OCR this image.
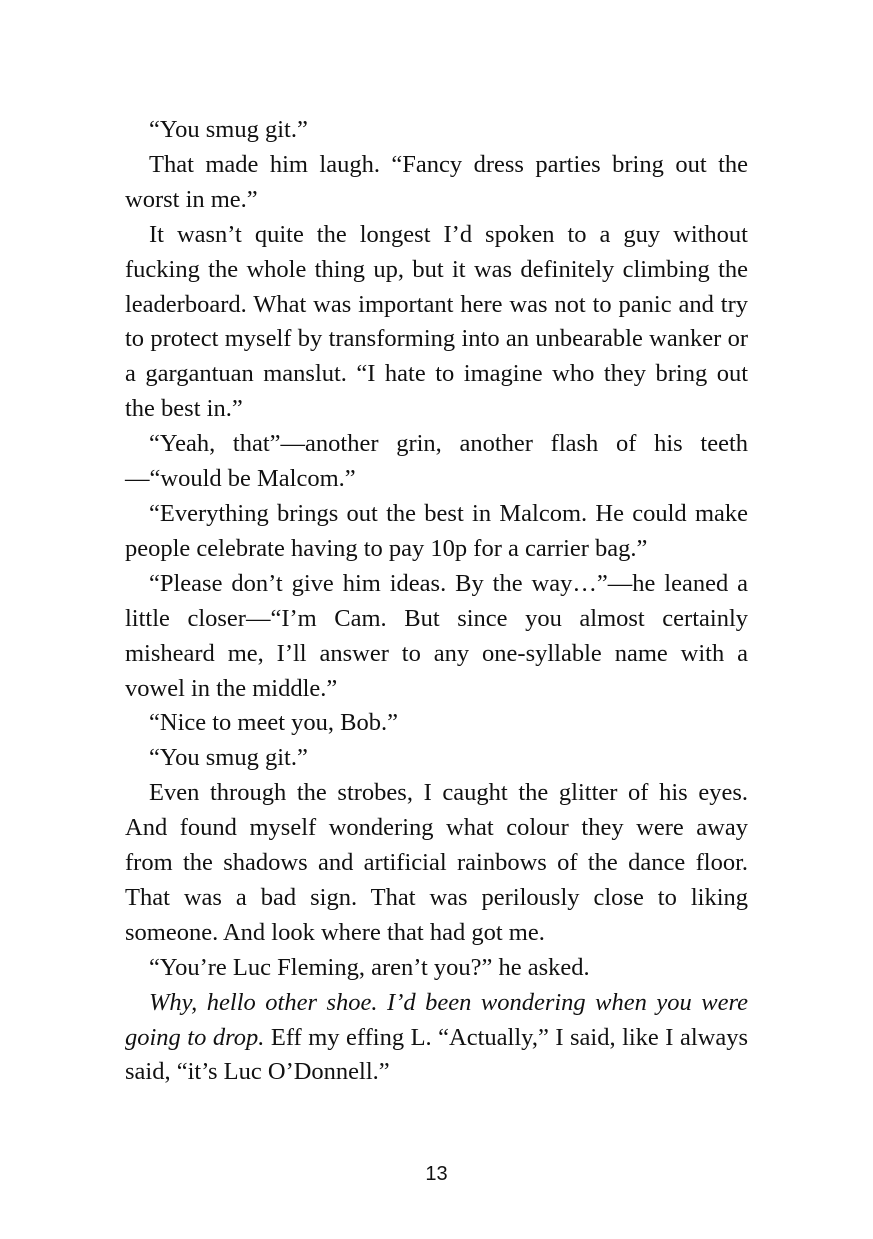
“You smug git.”

That made him laugh. “Fancy dress parties bring out the worst in me.”

It wasn’t quite the longest I’d spoken to a guy without fucking the whole thing up, but it was definitely climbing the leaderboard. What was important here was not to panic and try to protect myself by transforming into an unbearable wanker or a gargantuan manslut. “I hate to imagine who they bring out the best in.”

“Yeah, that”—another grin, another flash of his teeth —“would be Malcom.”

“Everything brings out the best in Malcom. He could make people celebrate having to pay 10p for a carrier bag.”

“Please don’t give him ideas. By the way…”—he leaned a little closer—“I’m Cam. But since you almost certainly misheard me, I’ll answer to any one-syllable name with a vowel in the middle.”

“Nice to meet you, Bob.”

“You smug git.”

Even through the strobes, I caught the glitter of his eyes. And found myself wondering what colour they were away from the shadows and artificial rainbows of the dance floor. That was a bad sign. That was perilously close to liking someone. And look where that had got me.

“You’re Luc Fleming, aren’t you?” he asked.

Why, hello other shoe. I’d been wondering when you were going to drop. Eff my effing L. “Actually,” I said, like I always said, “it’s Luc O’Donnell.”

13
